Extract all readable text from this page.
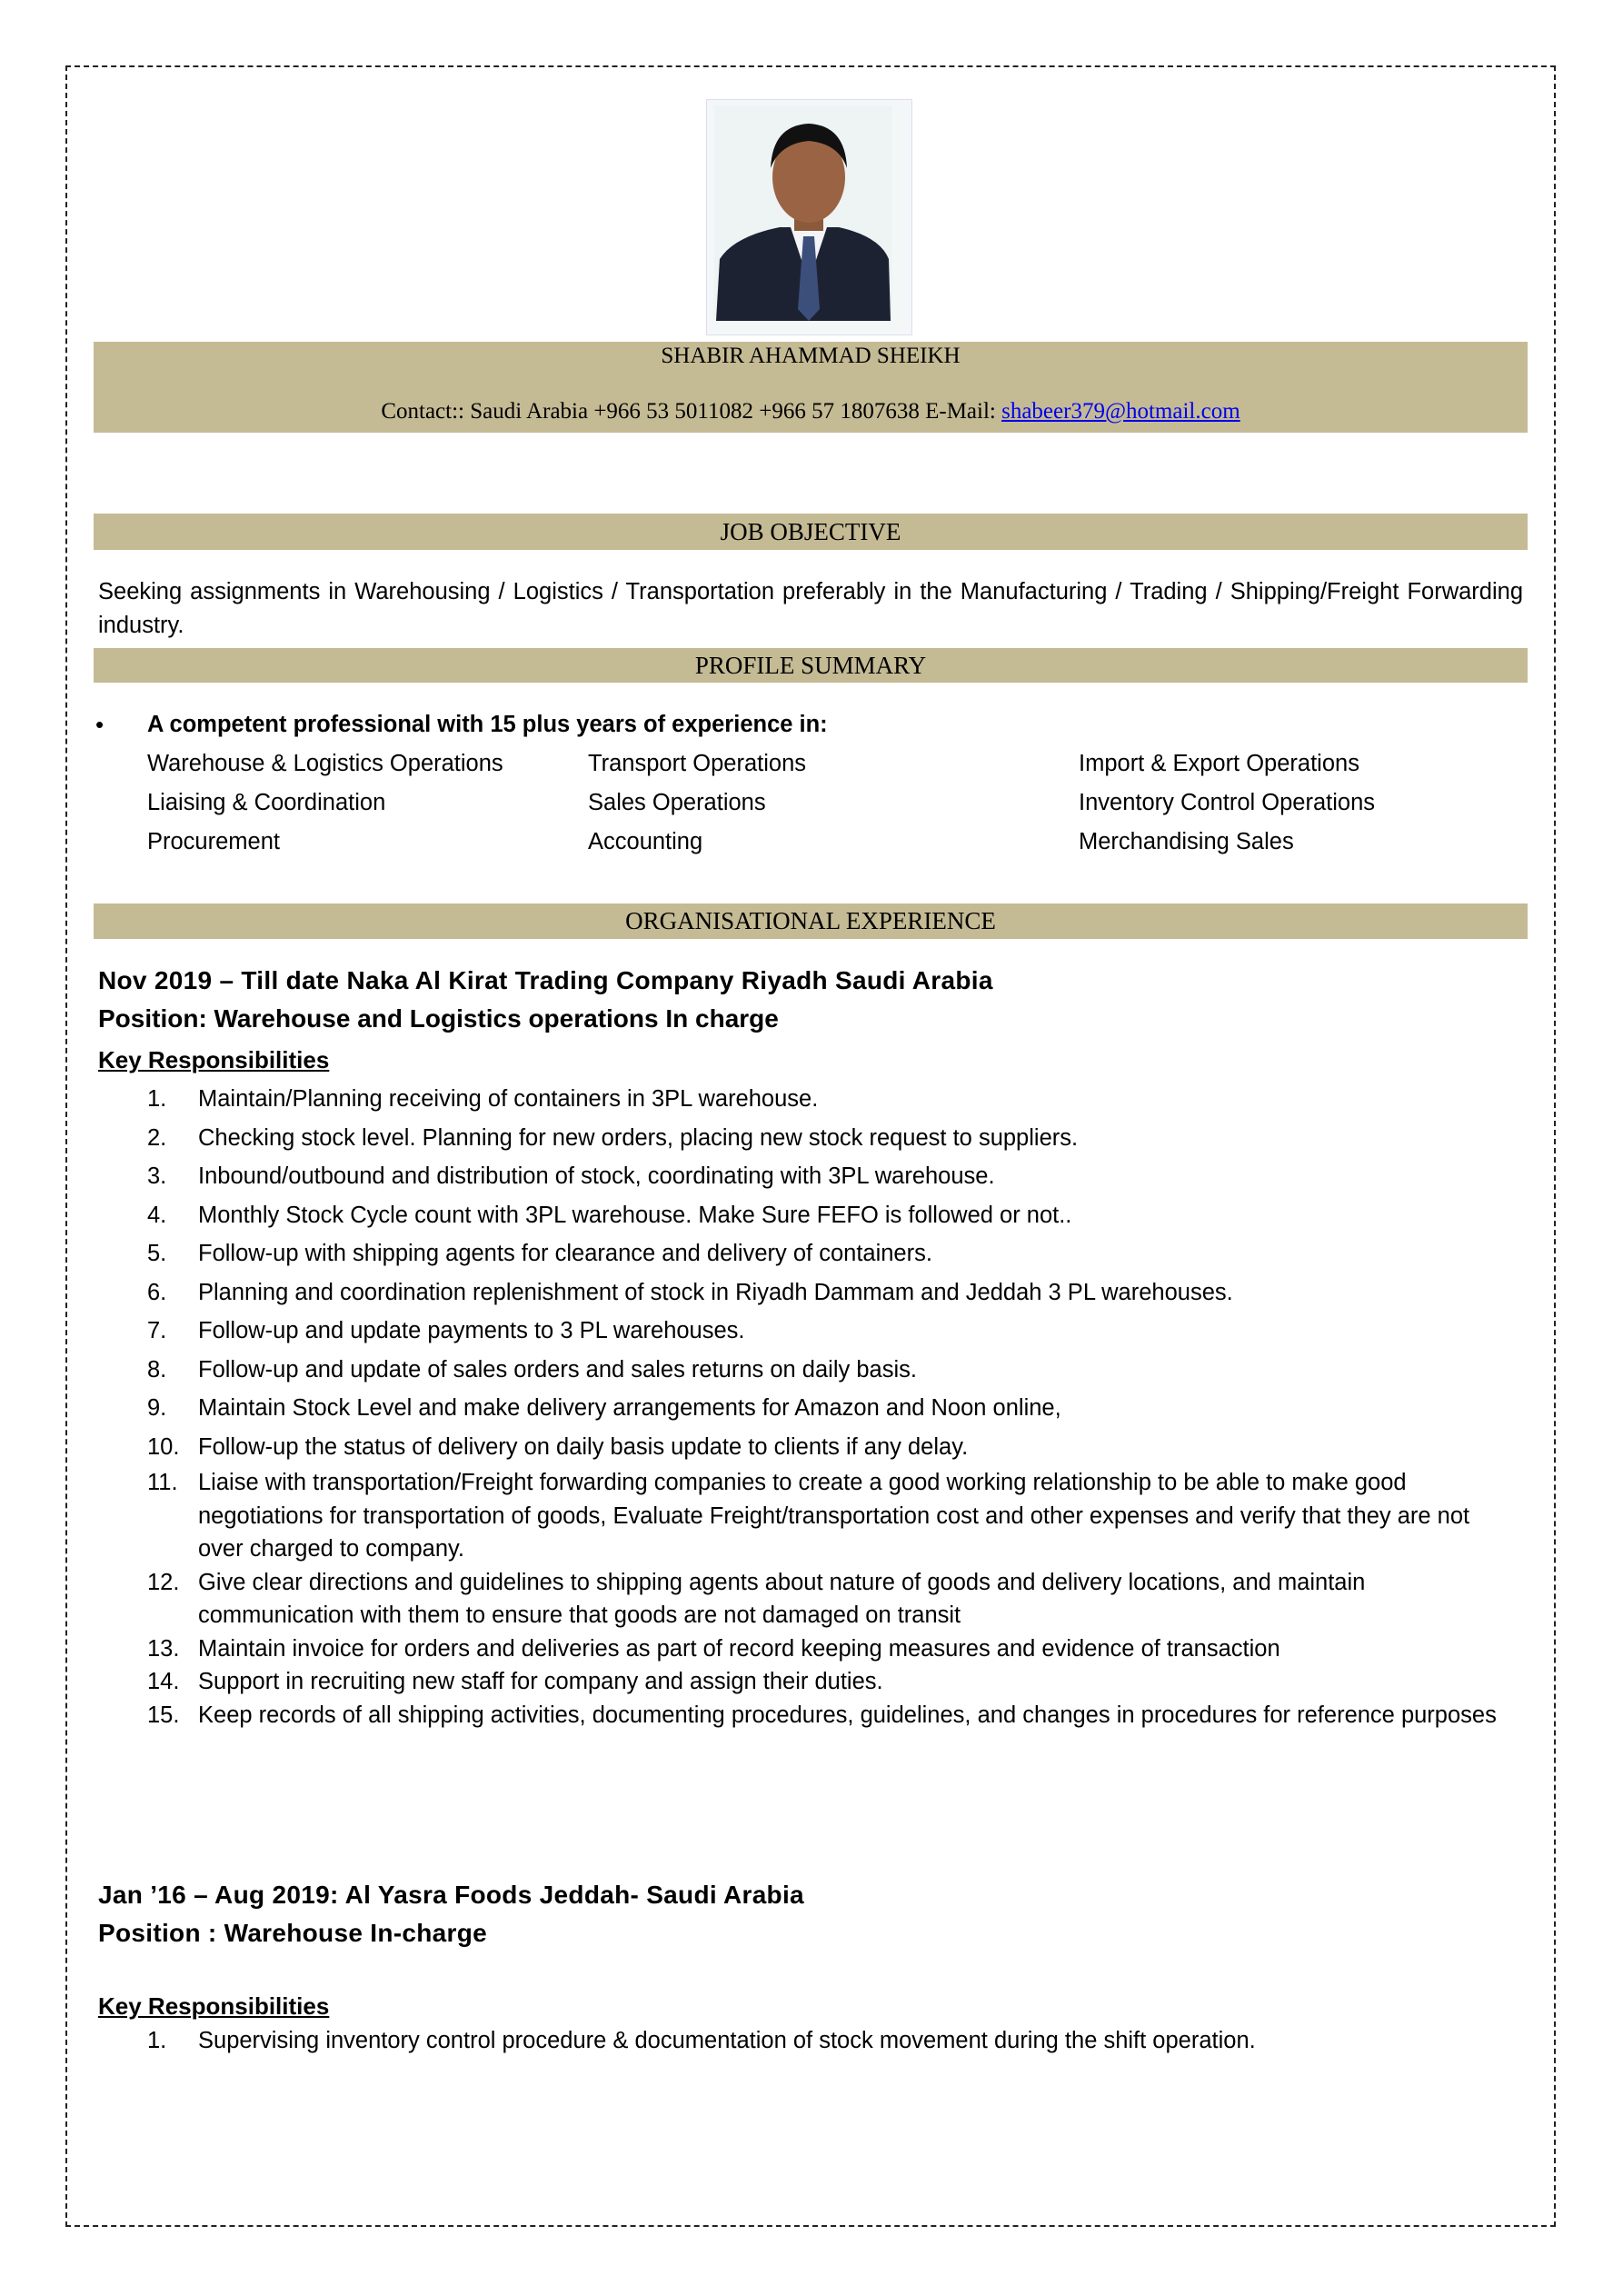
SHABIR AHAMMAD SHEIKH
Contact:: Saudi Arabia +966 53 5011082 +966 57 1807638 E-Mail: shabeer379@hotmail.com
JOB OBJECTIVE
Seeking assignments in Warehousing / Logistics / Transportation preferably in the Manufacturing / Trading / Shipping/Freight Forwarding industry.
PROFILE SUMMARY
• A competent professional with 15 plus years of experience in:
Warehouse & Logistics Operations	Transport Operations	Import & Export Operations
Liaising & Coordination	Sales Operations	Inventory Control Operations
Procurement	Accounting	Merchandising Sales
ORGANISATIONAL EXPERIENCE
Nov 2019 – Till date Naka Al Kirat Trading Company Riyadh Saudi Arabia
Position: Warehouse and Logistics operations In charge
Key Responsibilities
1. Maintain/Planning receiving of containers in 3PL warehouse.
2. Checking stock level. Planning for new orders, placing new stock request to suppliers.
3. Inbound/outbound and distribution of stock, coordinating with 3PL warehouse.
4. Monthly Stock Cycle count with 3PL warehouse. Make Sure FEFO is followed or not..
5. Follow-up with shipping agents for clearance and delivery of containers.
6. Planning and coordination replenishment of stock in Riyadh Dammam and Jeddah 3 PL warehouses.
7. Follow-up and update payments to 3 PL warehouses.
8. Follow-up and update of sales orders and sales returns on daily basis.
9. Maintain Stock Level and make delivery arrangements for Amazon and Noon online,
10. Follow-up the status of delivery on daily basis update to clients if any delay.
11. Liaise with transportation/Freight forwarding companies to create a good working relationship to be able to make good negotiations for transportation of goods, Evaluate Freight/transportation cost and other expenses and verify that they are not over charged to company.
12. Give clear directions and guidelines to shipping agents about nature of goods and delivery locations, and maintain communication with them to ensure that goods are not damaged on transit
13. Maintain invoice for orders and deliveries as part of record keeping measures and evidence of transaction
14. Support in recruiting new staff for company and assign their duties.
15. Keep records of all shipping activities, documenting procedures, guidelines, and changes in procedures for reference purposes
Jan ’16 – Aug 2019: Al Yasra Foods Jeddah- Saudi Arabia
Position : Warehouse In-charge
Key Responsibilities
1. Supervising inventory control procedure & documentation of stock movement during the shift operation.
